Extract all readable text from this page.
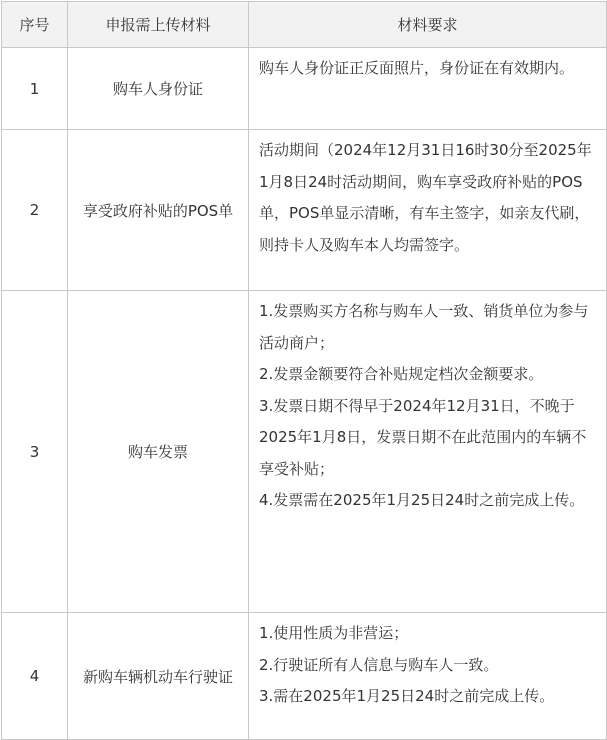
序号	申报需上传材料	材料要求
1	购车人身份证	购车人身份证正反面照片，身份证在有效期内。

2	享受政府补贴的POS单	活动期间（2024年12月31日16时30分至2025年1月8日24时活动期间，购车享受政府补贴的POS单，POS单显示清晰，有车主签字，如亲友代刷，则持卡人及购车本人均需签字。

3	购车发票	1.发票购买方名称与购车人一致、销货单位为参与活动商户；

2.发票金额要符合补贴规定档次金额要求。

3.发票日期不得早于2024年12月31日，不晚于2025年1月8日，发票日期不在此范围内的车辆不享受补贴；

4.发票需在2025年1月25日24时之前完成上传。

4	新购车辆机动车行驶证	1.使用性质为非营运；

2.行驶证所有人信息与购车人一致。

3.需在2025年1月25日24时之前完成上传。
